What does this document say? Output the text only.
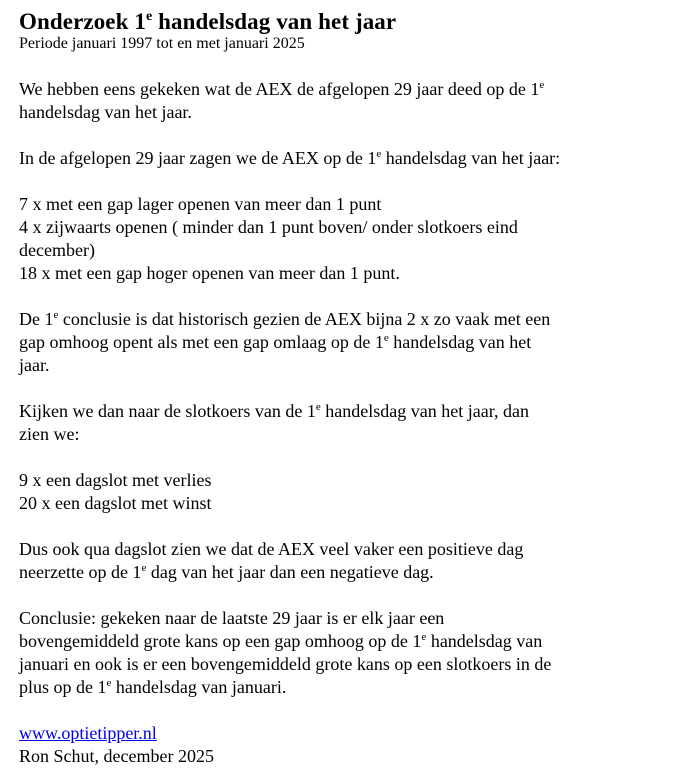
Onderzoek 1e handelsdag van het jaar

Periode januari 1997 tot en met januari 2025

We hebben eens gekeken wat de AEX de afgelopen 29 jaar deed op de 1e
handelsdag van het jaar.

In de afgelopen 29 jaar zagen we de AEX op de 1e handelsdag van het jaar:

7 x met een gap lager openen van meer dan 1 punt
4 x zijwaarts openen ( minder dan 1 punt boven/ onder slotkoers eind
december)
18 x met een gap hoger openen van meer dan 1 punt.

De 1e conclusie is dat historisch gezien de AEX bijna 2 x zo vaak met een
gap omhoog opent als met een gap omlaag op de 1e handelsdag van het
jaar.

Kijken we dan naar de slotkoers van de 1e handelsdag van het jaar, dan
zien we:

9 x een dagslot met verlies
20 x een dagslot met winst

Dus ook qua dagslot zien we dat de AEX veel vaker een positieve dag
neerzette op de 1e dag van het jaar dan een negatieve dag.

Conclusie: gekeken naar de laatste 29 jaar is er elk jaar een
bovengemiddeld grote kans op een gap omhoog op de 1e handelsdag van
januari en ook is er een bovengemiddeld grote kans op een slotkoers in de
plus op de 1e handelsdag van januari.

www.optietipper.nl
Ron Schut, december 2025
